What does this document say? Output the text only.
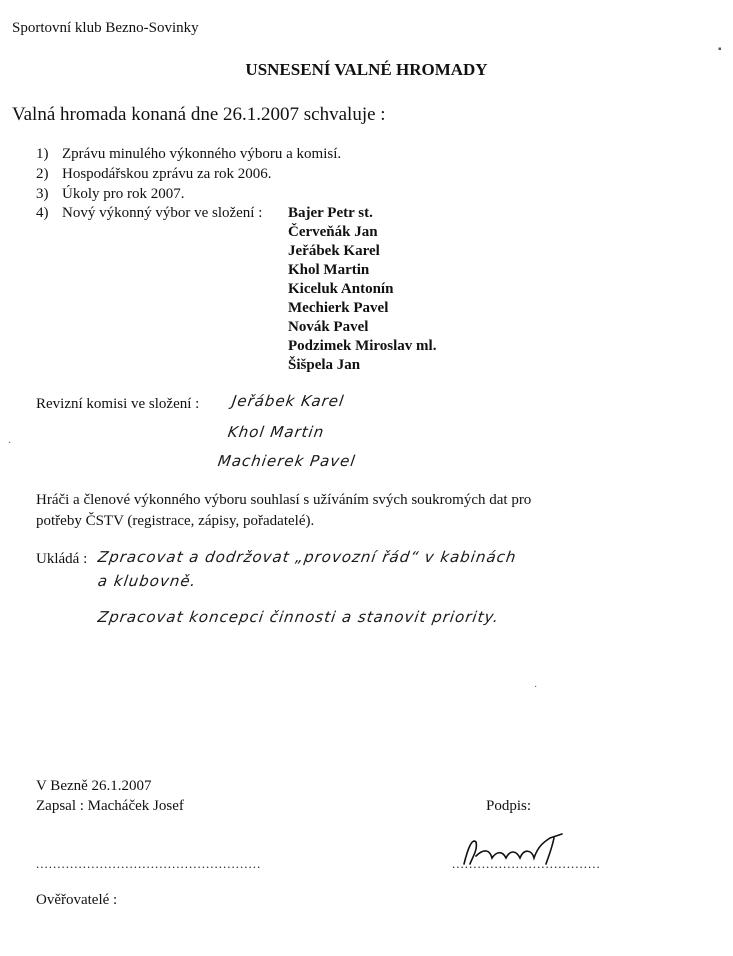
Sportovní klub Bezno-Sovinky
USNESENÍ VALNÉ HROMADY
Valná hromada konaná dne 26.1.2007 schvaluje :
1) Zprávu minulého výkonného výboru a komisí.
2) Hospodářskou zprávu za rok 2006.
3) Úkoly pro rok 2007.
4) Nový výkonný výbor ve složení : Bajer Petr st.
Červeňák Jan
Jeřábek Karel
Khol Martin
Kiceluk Antonín
Mechierk Pavel
Novák Pavel
Podzimek Miroslav ml.
Šišpela Jan
Revizní komisi ve složení : Jeřábek Karel
Khol Martin
Machierek Pavel
Hráči a členové výkonného výboru souhlasí s užíváním svých soukromých dat pro
potřeby ČSTV (registrace, zápisy, pořadatelé).
Ukládá : Zpracovat a dodržovat „provozní řád“ v kabinách
a klubovně.
Zpracovat koncepci činnosti a stanovit priority.
V Bezně 26.1.2007
Zapsal : Macháček Josef	Podpis:
.....................................................	...................................
Ověřovatelé :
▪
·
·
